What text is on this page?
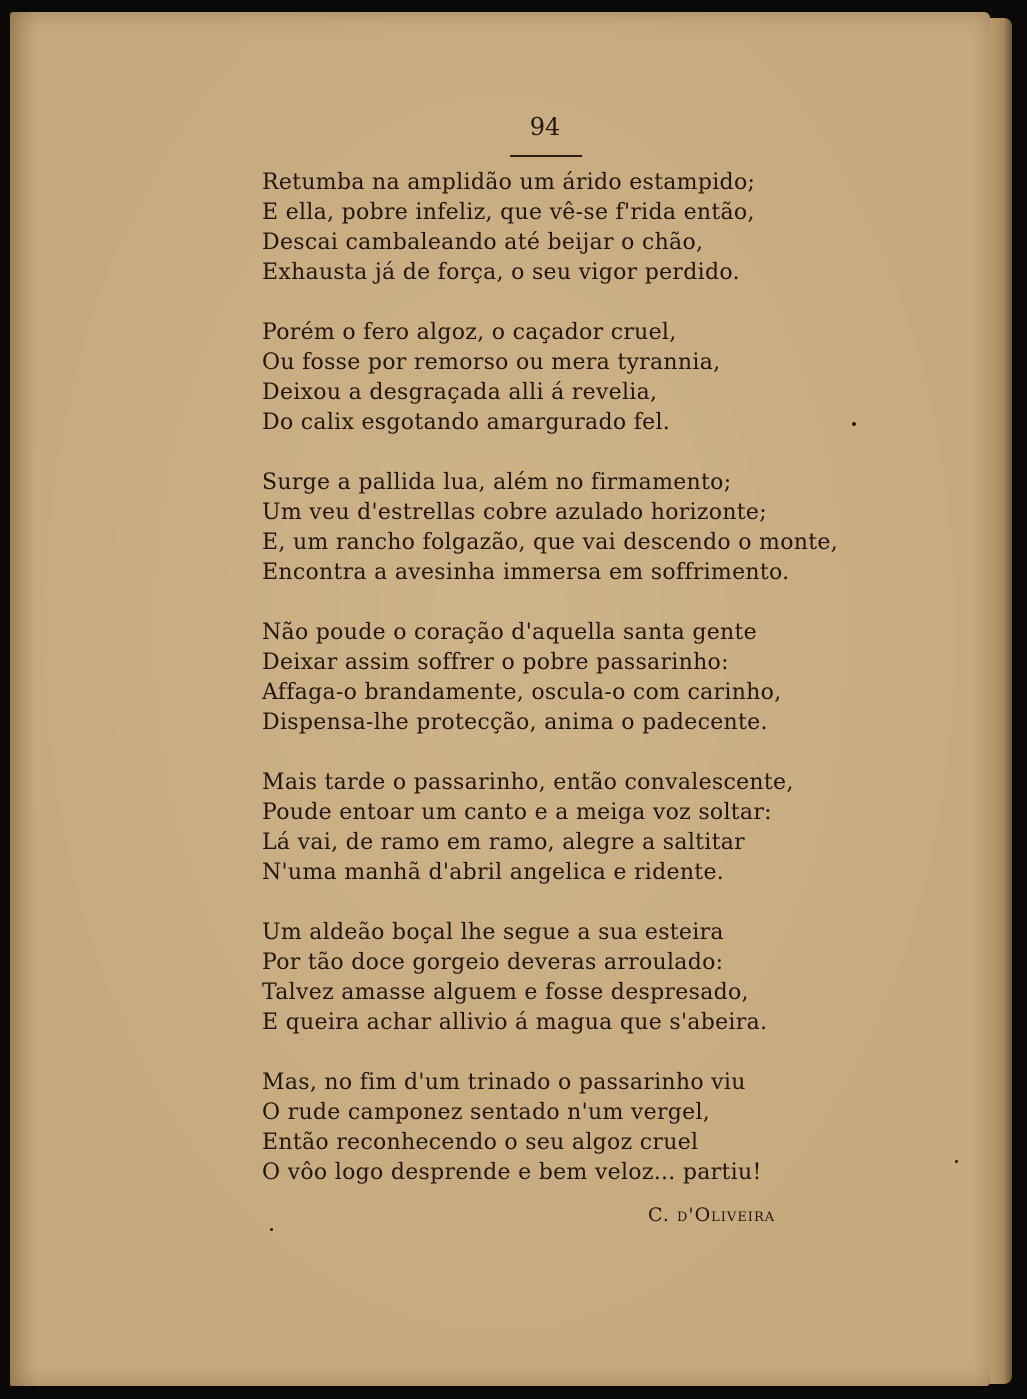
94
Retumba na amplidão um árido estampido;
E ella, pobre infeliz, que vê-se f'rida então,
Descai cambaleando até beijar o chão,
Exhausta já de força, o seu vigor perdido.
Porém o fero algoz, o caçador cruel,
Ou fosse por remorso ou mera tyrannia,
Deixou a desgraçada alli á revelia,
Do calix esgotando amargurado fel.
Surge a pallida lua, além no firmamento;
Um veu d'estrellas cobre azulado horizonte;
E, um rancho folgazão, que vai descendo o monte,
Encontra a avesinha immersa em soffrimento.
Não poude o coração d'aquella santa gente
Deixar assim soffrer o pobre passarinho:
Affaga-o brandamente, oscula-o com carinho,
Dispensa-lhe protecção, anima o padecente.
Mais tarde o passarinho, então convalescente,
Poude entoar um canto e a meiga voz soltar:
Lá vai, de ramo em ramo, alegre a saltitar
N'uma manhã d'abril angelica e ridente.
Um aldeão boçal lhe segue a sua esteira
Por tão doce gorgeio deveras arroulado:
Talvez amasse alguem e fosse despresado,
E queira achar allivio á magua que s'abeira.
Mas, no fim d'um trinado o passarinho viu
O rude camponez sentado n'um vergel,
Então reconhecendo o seu algoz cruel
O vôo logo desprende e bem veloz... partiu!
C. d'Oliveira
